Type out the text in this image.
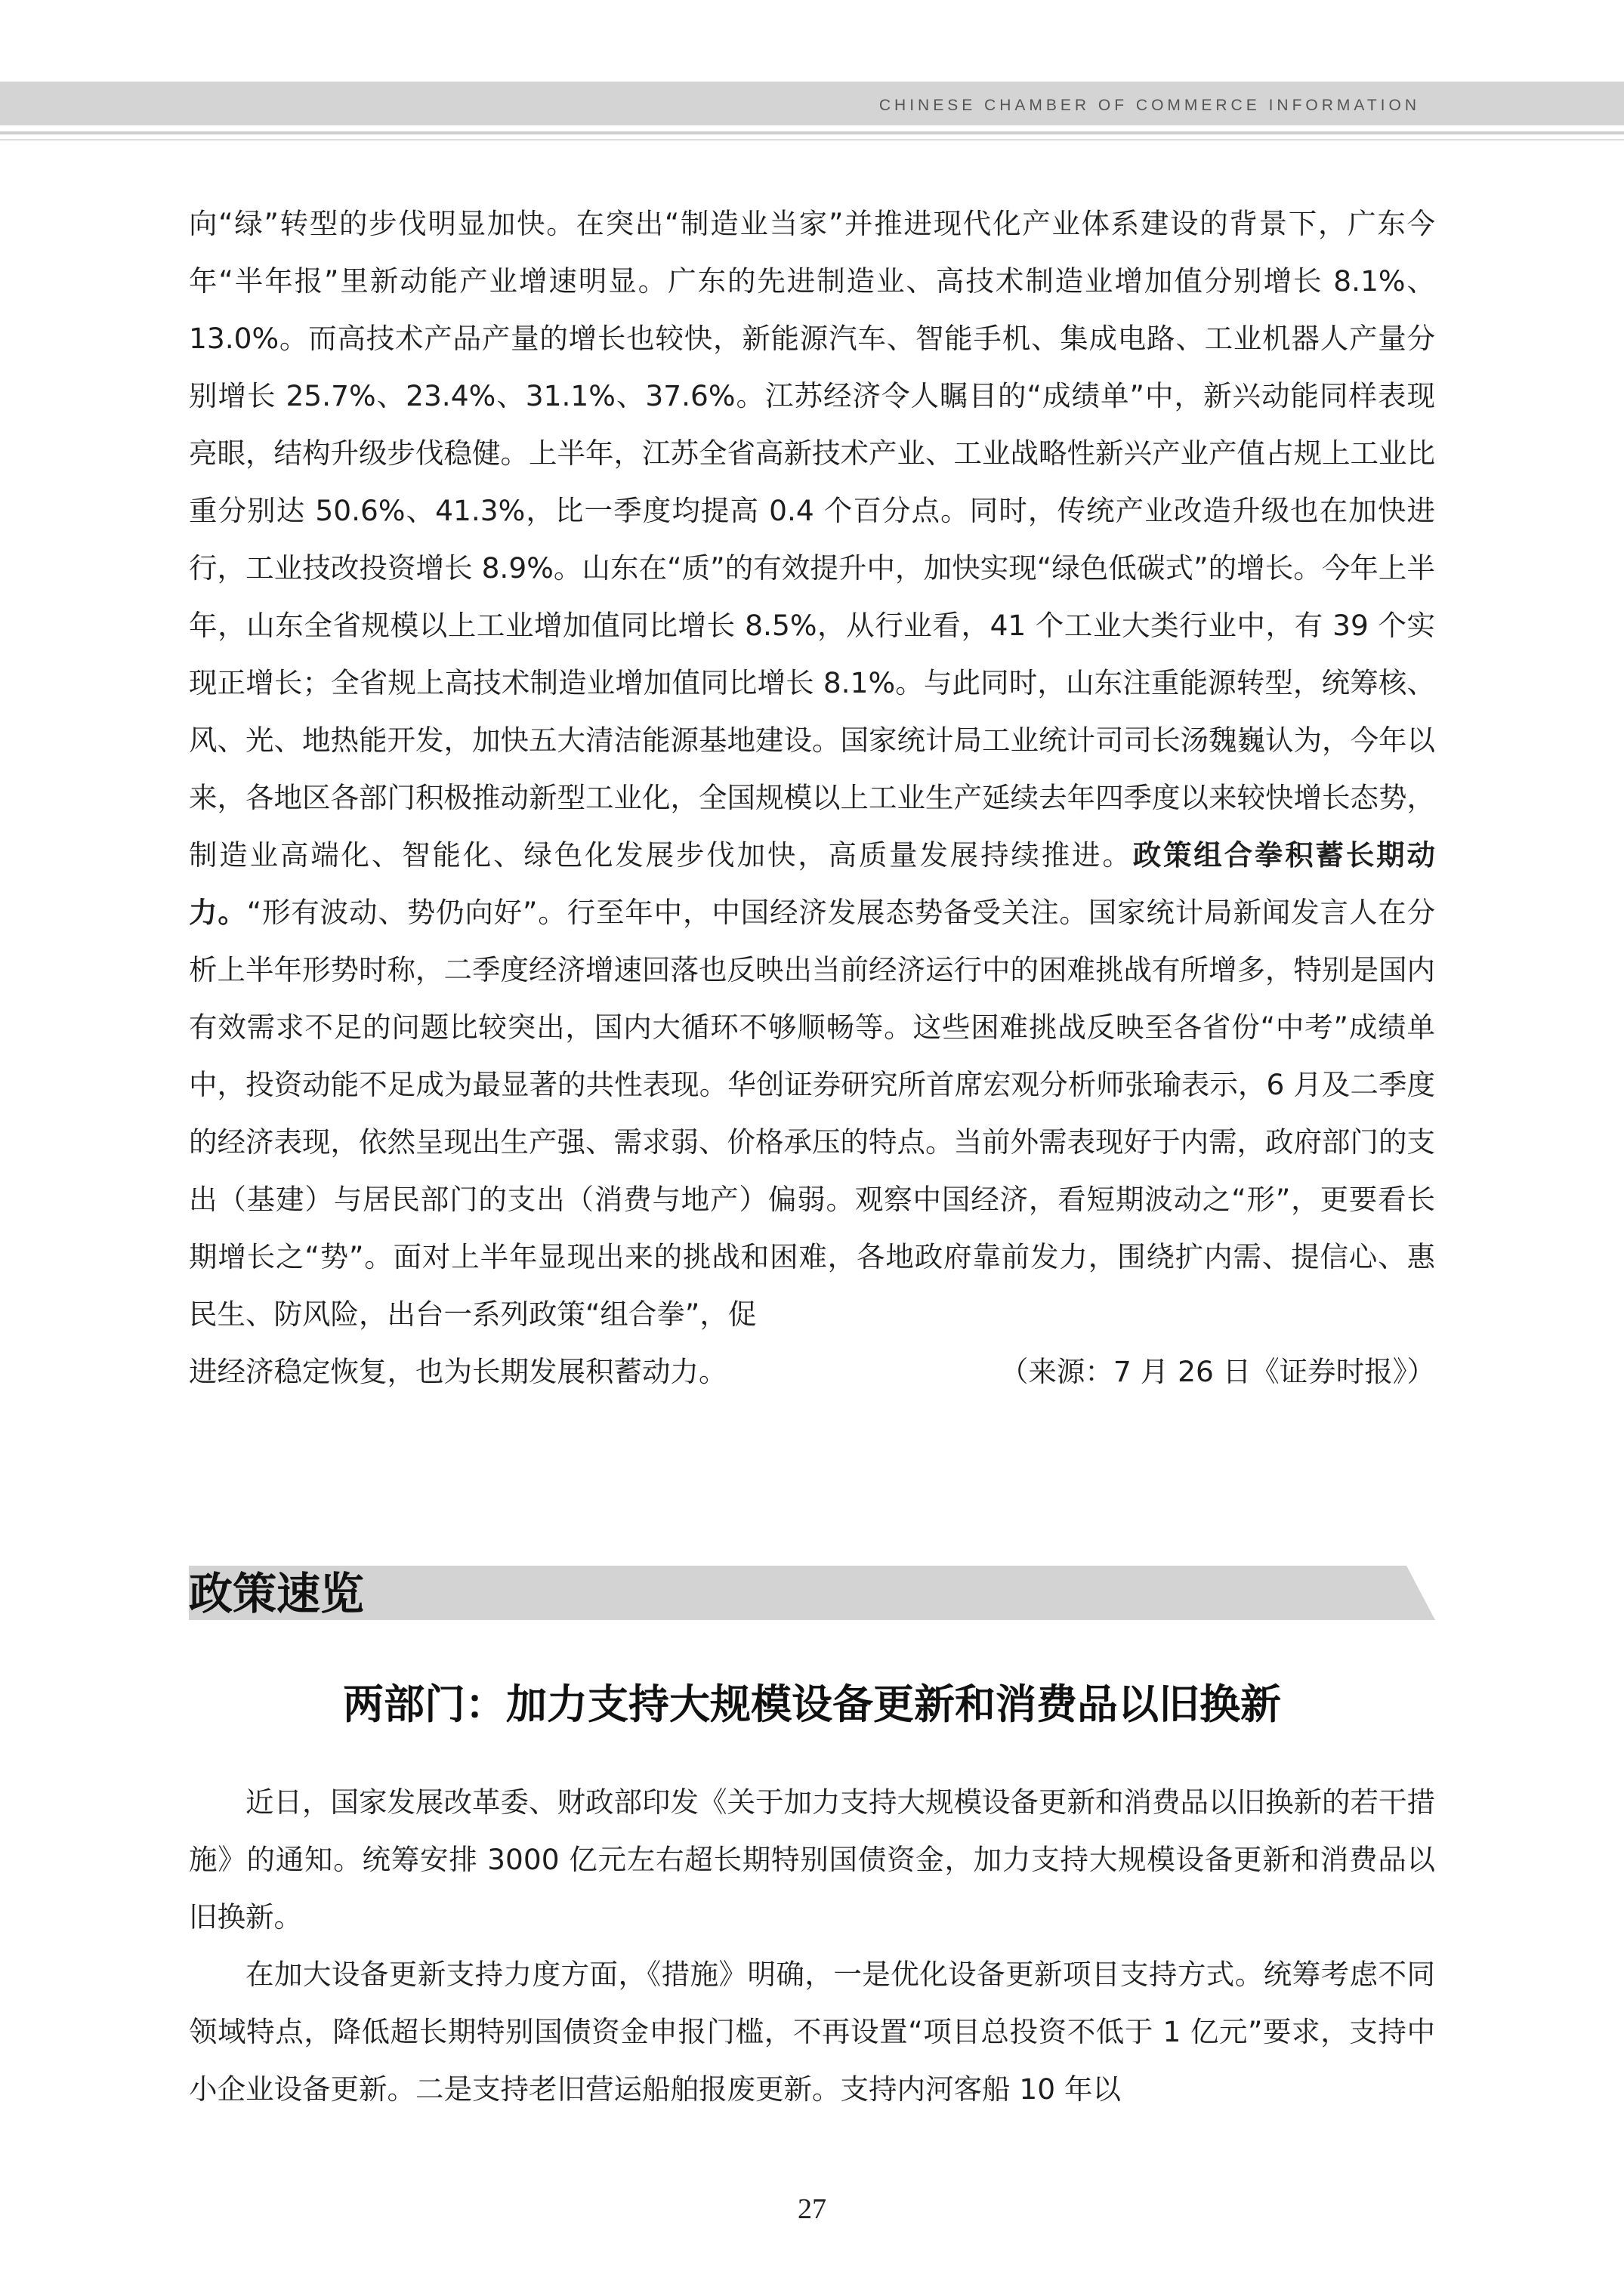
CHINESE CHAMBER OF COMMERCE INFORMATION

向“绿”转型的步伐明显加快。在突出“制造业当家”并推进现代化产业体系建设的背景下，广东今年“半年报”里新动能产业增速明显。广东的先进制造业、高技术制造业增加值分别增长 8.1%、13.0%。而高技术产品产量的增长也较快，新能源汽车、智能手机、集成电路、工业机器人产量分别增长 25.7%、23.4%、31.1%、37.6%。江苏经济令人瞩目的“成绩单”中，新兴动能同样表现亮眼，结构升级步伐稳健。上半年，江苏全省高新技术产业、工业战略性新兴产业产值占规上工业比重分别达 50.6%、41.3%，比一季度均提高 0.4 个百分点。同时，传统产业改造升级也在加快进行，工业技改投资增长 8.9%。山东在“质”的有效提升中，加快实现“绿色低碳式”的增长。今年上半年，山东全省规模以上工业增加值同比增长 8.5%，从行业看，41 个工业大类行业中，有 39 个实现正增长；全省规上高技术制造业增加值同比增长 8.1%。与此同时，山东注重能源转型，统筹核、风、光、地热能开发，加快五大清洁能源基地建设。国家统计局工业统计司司长汤魏巍认为，今年以来，各地区各部门积极推动新型工业化，全国规模以上工业生产延续去年四季度以来较快增长态势，制造业高端化、智能化、绿色化发展步伐加快，高质量发展持续推进。政策组合拳积蓄长期动力。“形有波动、势仍向好”。行至年中，中国经济发展态势备受关注。国家统计局新闻发言人在分析上半年形势时称，二季度经济增速回落也反映出当前经济运行中的困难挑战有所增多，特别是国内有效需求不足的问题比较突出，国内大循环不够顺畅等。这些困难挑战反映至各省份“中考”成绩单中，投资动能不足成为最显著的共性表现。华创证券研究所首席宏观分析师张瑜表示，6 月及二季度的经济表现，依然呈现出生产强、需求弱、价格承压的特点。当前外需表现好于内需，政府部门的支出（基建）与居民部门的支出（消费与地产）偏弱。观察中国经济，看短期波动之“形”，更要看长期增长之“势”。面对上半年显现出来的挑战和困难，各地政府靠前发力，围绕扩内需、提信心、惠民生、防风险，出台一系列政策“组合拳”，促

进经济稳定恢复，也为长期发展积蓄动力。	（来源：7 月 26 日《证券时报》）
政策速览
两部门：加力支持大规模设备更新和消费品以旧换新

近日，国家发展改革委、财政部印发《关于加力支持大规模设备更新和消费品以旧换新的若干措施》的通知。统筹安排 3000 亿元左右超长期特别国债资金，加力支持大规模设备更新和消费品以旧换新。

在加大设备更新支持力度方面，《措施》明确，一是优化设备更新项目支持方式。统筹考虑不同领域特点，降低超长期特别国债资金申报门槛，不再设置“项目总投资不低于 1 亿元”要求，支持中小企业设备更新。二是支持老旧营运船舶报废更新。支持内河客船 10 年以

27
